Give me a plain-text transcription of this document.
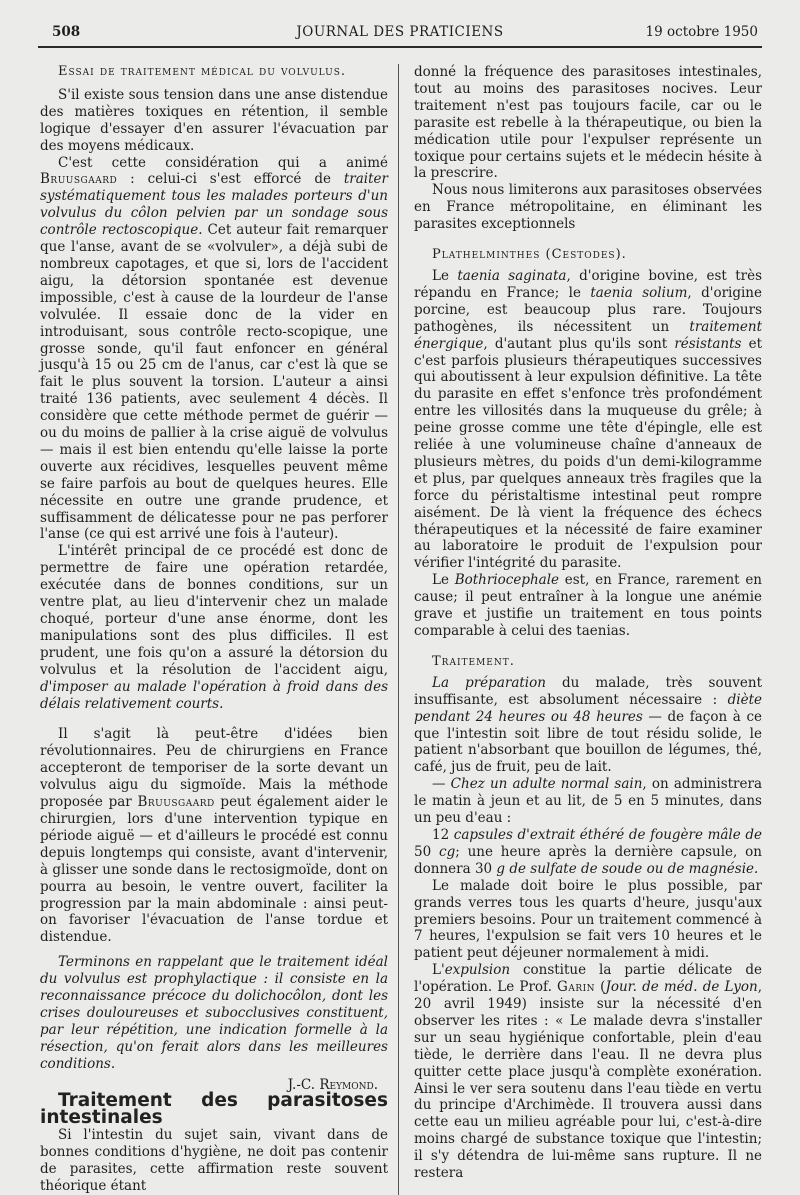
508	JOURNAL DES PRATICIENS	19 octobre 1950

Essai de traitement médical du volvulus.

S'il existe sous tension dans une anse distendue des matières toxiques en rétention, il semble logique d'essayer d'en assurer l'évacuation par des moyens médicaux.

C'est cette considération qui a animé Bruusgaard : celui-ci s'est efforcé de traiter systématiquement tous les malades porteurs d'un volvulus du côlon pelvien par un sondage sous contrôle rectoscopique. Cet auteur fait remarquer que l'anse, avant de se «volvuler», a déjà subi de nombreux capotages, et que si, lors de l'accident aigu, la détorsion spontanée est devenue impossible, c'est à cause de la lourdeur de l'anse volvulée. Il essaie donc de la vider en introduisant, sous contrôle recto-scopique, une grosse sonde, qu'il faut enfoncer en général jusqu'à 15 ou 25 cm de l'anus, car c'est là que se fait le plus souvent la torsion. L'auteur a ainsi traité 136 patients, avec seulement 4 décès. Il considère que cette méthode permet de guérir — ou du moins de pallier à la crise aiguë de volvulus — mais il est bien entendu qu'elle laisse la porte ouverte aux récidives, lesquelles peuvent même se faire parfois au bout de quelques heures. Elle nécessite en outre une grande prudence, et suffisamment de délicatesse pour ne pas perforer l'anse (ce qui est arrivé une fois à l'auteur).

L'intérêt principal de ce procédé est donc de permettre de faire une opération retardée, exécutée dans de bonnes conditions, sur un ventre plat, au lieu d'intervenir chez un malade choqué, porteur d'une anse énorme, dont les manipulations sont des plus difficiles. Il est prudent, une fois qu'on a assuré la détorsion du volvulus et la résolution de l'accident aigu, d'imposer au malade l'opération à froid dans des délais relativement courts.

Il s'agit là peut-être d'idées bien révolutionnaires. Peu de chirurgiens en France accepteront de temporiser de la sorte devant un volvulus aigu du sigmoïde. Mais la méthode proposée par Bruusgaard peut également aider le chirurgien, lors d'une intervention typique en période aiguë — et d'ailleurs le procédé est connu depuis longtemps qui consiste, avant d'intervenir, à glisser une sonde dans le rectosigmoïde, dont on pourra au besoin, le ventre ouvert, faciliter la progression par la main abdominale : ainsi peut-on favoriser l'évacuation de l'anse tordue et distendue.

Terminons en rappelant que le traitement idéal du volvulus est prophylactique : il consiste en la reconnaissance précoce du dolichocôlon, dont les crises douloureuses et subocclusives constituent, par leur répétition, une indication formelle à la résection, qu'on ferait alors dans les meilleures conditions.

J.-C. Reymond.

Traitement des parasitoses intestinales

Si l'intestin du sujet sain, vivant dans de bonnes conditions d'hygiène, ne doit pas contenir de parasites, cette affirmation reste souvent théorique étant

donné la fréquence des parasitoses intestinales, tout au moins des parasitoses nocives. Leur traitement n'est pas toujours facile, car ou le parasite est rebelle à la thérapeutique, ou bien la médication utile pour l'expulser représente un toxique pour certains sujets et le médecin hésite à la prescrire.

Nous nous limiterons aux parasitoses observées en France métropolitaine, en éliminant les parasites exceptionnels

Plathelminthes (Cestodes).

Le taenia saginata, d'origine bovine, est très répandu en France; le taenia solium, d'origine porcine, est beaucoup plus rare. Toujours pathogènes, ils nécessitent un traitement énergique, d'autant plus qu'ils sont résistants et c'est parfois plusieurs thérapeutiques successives qui aboutissent à leur expulsion définitive. La tête du parasite en effet s'enfonce très profondément entre les villosités dans la muqueuse du grêle; à peine grosse comme une tête d'épingle, elle est reliée à une volumineuse chaîne d'anneaux de plusieurs mètres, du poids d'un demi-kilogramme et plus, par quelques anneaux très fragiles que la force du péristaltisme intestinal peut rompre aisément. De là vient la fréquence des échecs thérapeutiques et la nécessité de faire examiner au laboratoire le produit de l'expulsion pour vérifier l'intégrité du parasite.

Le Bothriocephale est, en France, rarement en cause; il peut entraîner à la longue une anémie grave et justifie un traitement en tous points comparable à celui des taenias.

Traitement.

La préparation du malade, très souvent insuffisante, est absolument nécessaire : diète pendant 24 heures ou 48 heures — de façon à ce que l'intestin soit libre de tout résidu solide, le patient n'absorbant que bouillon de légumes, thé, café, jus de fruit, peu de lait.

— Chez un adulte normal sain, on administrera le matin à jeun et au lit, de 5 en 5 minutes, dans un peu d'eau :

12 capsules d'extrait éthéré de fougère mâle de 50 cg; une heure après la dernière capsule, on donnera 30 g de sulfate de soude ou de magnésie.

Le malade doit boire le plus possible, par grands verres tous les quarts d'heure, jusqu'aux premiers besoins. Pour un traitement commencé à 7 heures, l'expulsion se fait vers 10 heures et le patient peut déjeuner normalement à midi.

L'expulsion constitue la partie délicate de l'opération. Le Prof. Garin (Jour. de méd. de Lyon, 20 avril 1949) insiste sur la nécessité d'en observer les rites : « Le malade devra s'installer sur un seau hygiénique confortable, plein d'eau tiède, le derrière dans l'eau. Il ne devra plus quitter cette place jusqu'à complète exonération. Ainsi le ver sera soutenu dans l'eau tiède en vertu du principe d'Archimède. Il trouvera aussi dans cette eau un milieu agréable pour lui, c'est-à-dire moins chargé de substance toxique que l'intestin; il s'y détendra de lui-même sans rupture. Il ne restera
